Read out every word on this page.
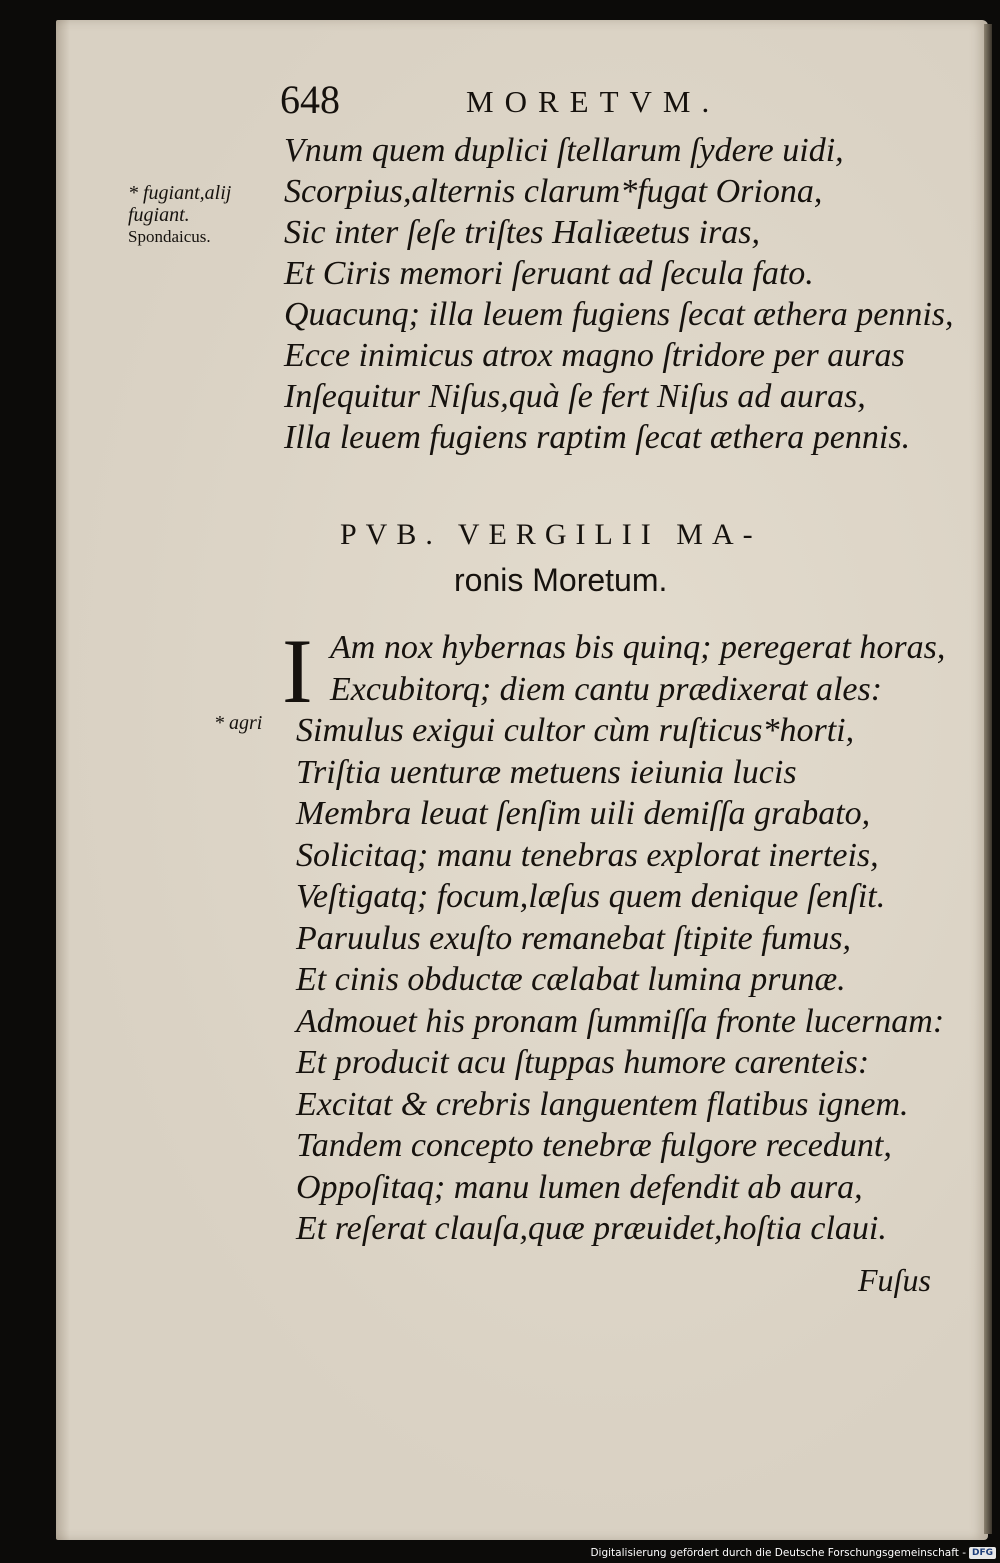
648	MORETVM.
* fugiant,alij
fugiant.
Spondaicus.
Vnum quem duplici ſtellarum ſydere uidi,
Scorpius,alternis clarum*fugat Oriona,
Sic inter ſeſe triſtes Haliæetus iras,
Et Ciris memori ſeruant ad ſecula fato.
Quacunq; illa leuem fugiens ſecat æthera pennis,
Ecce inimicus atrox magno ſtridore per auras
Inſequitur Niſus,quà ſe fert Niſus ad auras,
Illa leuem fugiens raptim ſecat æthera pennis.
PVB. VERGILII MA-
ronis Moretum.
I
* agri
Am nox hybernas bis quinq; peregerat horas,
Excubitorq; diem cantu prædixerat ales:
Simulus exigui cultor cùm ruſticus*horti,
Triſtia uenturæ metuens ieiunia lucis
Membra leuat ſenſim uili demiſſa grabato,
Solicitaq; manu tenebras explorat inerteis,
Veſtigatq; focum,læſus quem denique ſenſit.
Paruulus exuſto remanebat ſtipite fumus,
Et cinis obductæ cælabat lumina prunæ.
Admouet his pronam ſummiſſa fronte lucernam:
Et producit acu ſtuppas humore carenteis:
Excitat & crebris languentem flatibus ignem.
Tandem concepto tenebræ fulgore recedunt,
Oppoſitaq; manu lumen defendit ab aura,
Et reſerat clauſa,quæ præuidet,hoſtia claui.
Fuſus
Digitalisierung gefördert durch die Deutsche Forschungsgemeinschaft - DFG
